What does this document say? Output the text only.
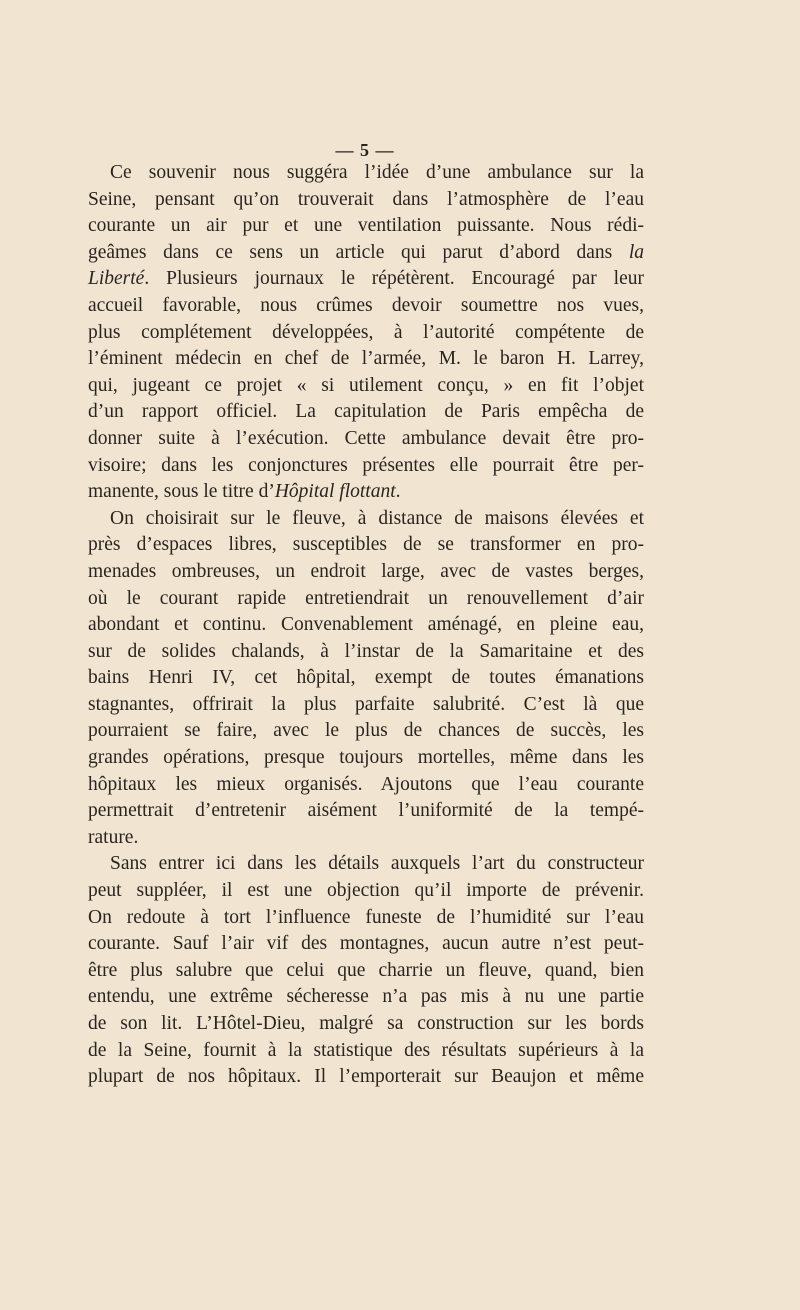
— 5 —
Ce souvenir nous suggéra l’idée d’une ambulance sur la
Seine, pensant qu’on trouverait dans l’atmosphère de l’eau
courante un air pur et une ventilation puissante. Nous rédi-
geâmes dans ce sens un article qui parut d’abord dans la
Liberté. Plusieurs journaux le répétèrent. Encouragé par leur
accueil favorable, nous crûmes devoir soumettre nos vues,
plus complétement développées, à l’autorité compétente de
l’éminent médecin en chef de l’armée, M. le baron H. Larrey,
qui, jugeant ce projet « si utilement conçu, » en fit l’objet
d’un rapport officiel. La capitulation de Paris empêcha de
donner suite à l’exécution. Cette ambulance devait être pro-
visoire; dans les conjonctures présentes elle pourrait être per-
manente, sous le titre d’Hôpital flottant.
On choisirait sur le fleuve, à distance de maisons élevées et
près d’espaces libres, susceptibles de se transformer en pro-
menades ombreuses, un endroit large, avec de vastes berges,
où le courant rapide entretiendrait un renouvellement d’air
abondant et continu. Convenablement aménagé, en pleine eau,
sur de solides chalands, à l’instar de la Samaritaine et des
bains Henri IV, cet hôpital, exempt de toutes émanations
stagnantes, offrirait la plus parfaite salubrité. C’est là que
pourraient se faire, avec le plus de chances de succès, les
grandes opérations, presque toujours mortelles, même dans les
hôpitaux les mieux organisés. Ajoutons que l’eau courante
permettrait d’entretenir aisément l’uniformité de la tempé-
rature.
Sans entrer ici dans les détails auxquels l’art du constructeur
peut suppléer, il est une objection qu’il importe de prévenir.
On redoute à tort l’influence funeste de l’humidité sur l’eau
courante. Sauf l’air vif des montagnes, aucun autre n’est peut-
être plus salubre que celui que charrie un fleuve, quand, bien
entendu, une extrême sécheresse n’a pas mis à nu une partie
de son lit. L’Hôtel-Dieu, malgré sa construction sur les bords
de la Seine, fournit à la statistique des résultats supérieurs à la
plupart de nos hôpitaux. Il l’emporterait sur Beaujon et même
